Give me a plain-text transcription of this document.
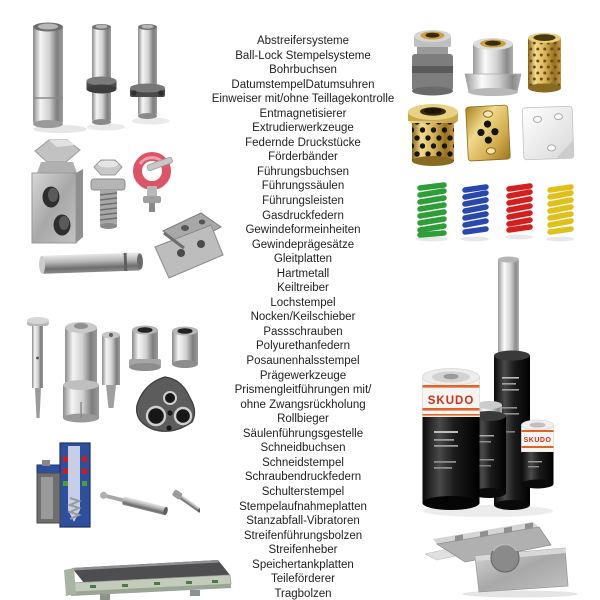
SKUDO
SKUDO
Abstreifersysteme
Ball-Lock Stempelsysteme
Bohrbuchsen
DatumstempelDatumsuhren
Einweiser mit/ohne Teillagekontrolle
Entmagnetisierer
Extrudierwerkzeuge
Federnde Druckstücke
Förderbänder
Führungsbuchsen
Führungssäulen
Führungsleisten
Gasdruckfedern
Gewindeformeinheiten
Gewindeprägesätze
Gleitplatten
Hartmetall
Keiltreiber
Lochstempel
Nocken/Keilschieber
Passschrauben
Polyurethanfedern
Posaunenhalsstempel
Prägewerkzeuge
Prismengleitführungen mit/
ohne Zwangsrückholung
Rollbieger
Säulenführungsgestelle
Schneidbuchsen
Schneidstempel
Schraubendruckfedern
Schulterstempel
Stempelaufnahmeplatten
Stanzabfall-Vibratoren
Streifenführungsbolzen
Streifenheber
Speichertankplatten
Teileförderer
Tragbolzen
